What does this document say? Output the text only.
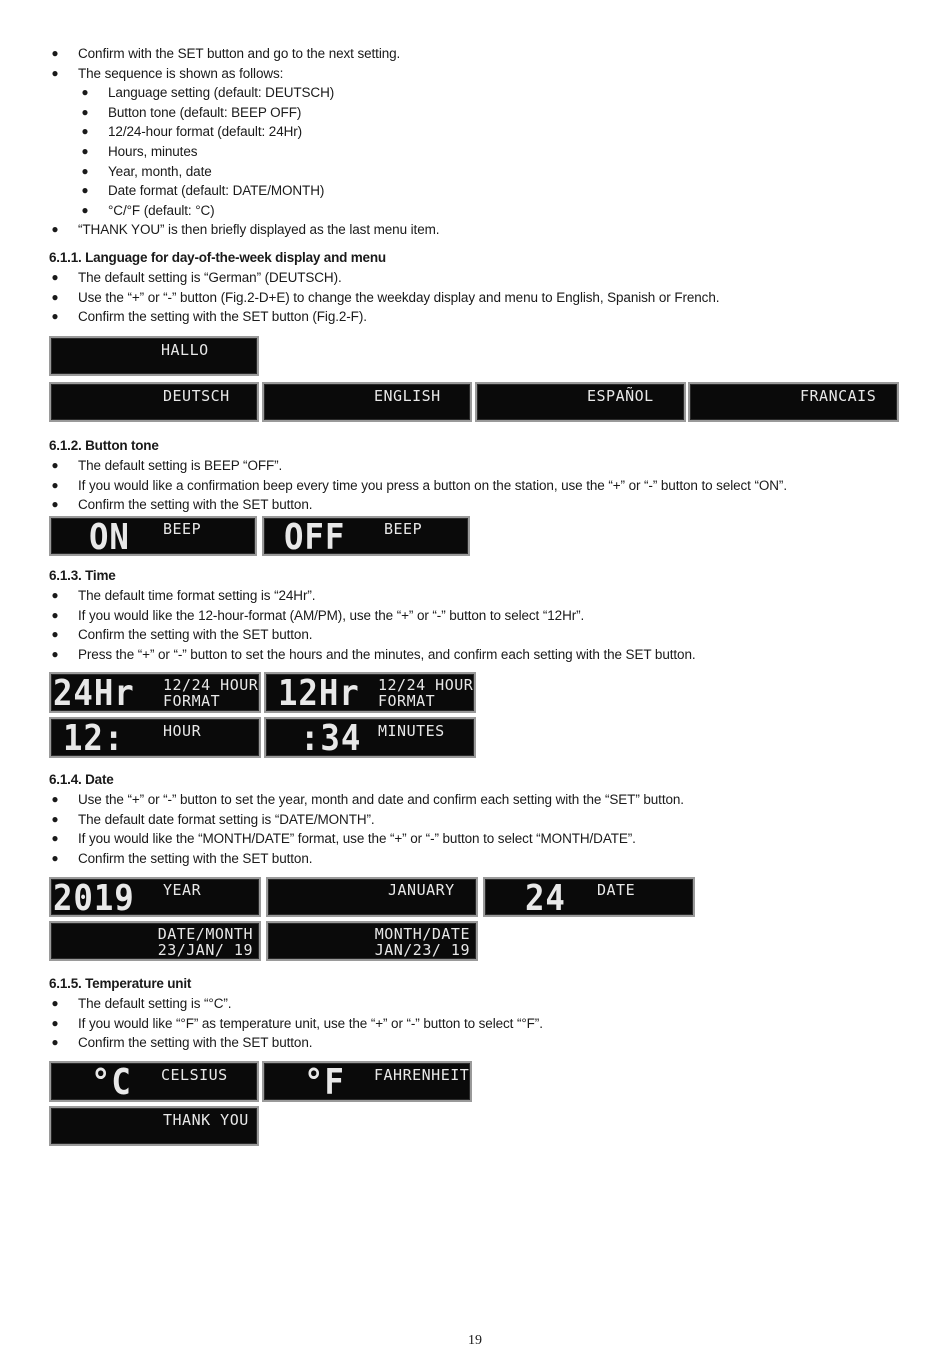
● Confirm with the SET button and go to the next setting.
● The sequence is shown as follows:
● Language setting (default: DEUTSCH)
● Button tone (default: BEEP OFF)
● 12/24-hour format (default: 24Hr)
● Hours, minutes
● Year, month, date
● Date format (default: DATE/MONTH)
● °C/°F (default: °C)
● “THANK YOU” is then briefly displayed as the last menu item.
6.1.1. Language for day-of-the-week display and menu
● The default setting is “German” (DEUTSCH).
● Use the “+” or “-” button (Fig.2-D+E) to change the weekday display and menu to English, Spanish or French.
● Confirm the setting with the SET button (Fig.2-F).
HALLO
DEUTSCH	ENGLISH	ESPAÑOL	FRANCAIS
6.1.2. Button tone
● The default setting is BEEP “OFF”.
● If you would like a confirmation beep every time you press a button on the station, use the “+” or “-” button to select “ON”.
● Confirm the setting with the SET button.
ON BEEP OFF	BEEP
6.1.3. Time
● The default time format setting is “24Hr”.
● If you would like the 12-hour-format (AM/PM), use the “+” or “-” button to select “12Hr”.
● Confirm the setting with the SET button.
● Press the “+” or “-” button to set the hours and the minutes, and confirm each setting with the SET button.
24Hr 12/24 HOUR
FORMAT 12Hr 12/24 HOUR
FORMAT
12:	HOUR	:34 MINUTES
6.1.4. Date
● Use the “+” or “-” button to set the year, month and date and confirm each setting with the “SET” button.
● The default date format setting is “DATE/MONTH”.
● If you would like the “MONTH/DATE” format, use the “+” or “-” button to select “MONTH/DATE”.
● Confirm the setting with the SET button.
2019 YEAR	JANUARY 24 DATE
DATE/MONTH
23/JAN/ 19
MONTH/DATE
JAN/23/ 19
6.1.5. Temperature unit
● The default setting is “°C”.
● If you would like “°F” as temperature unit, use the “+” or “-” button to select “°F”.
● Confirm the setting with the SET button.
°C CELSIUS °F FAHRENHEIT
THANK YOU
19
